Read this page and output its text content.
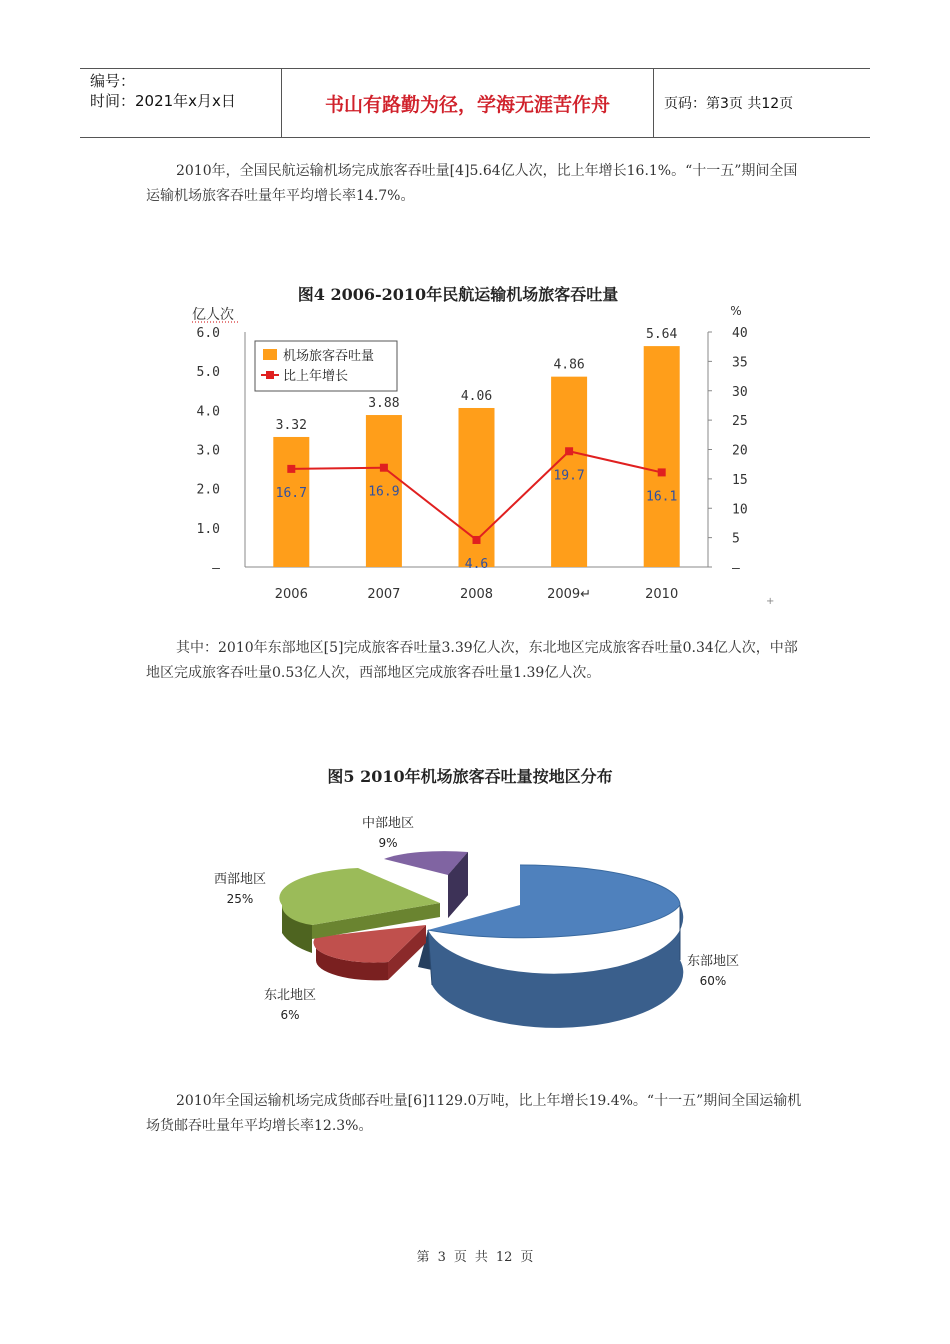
编号：
时间：2021年x月x日	书山有路勤为径，学海无涯苦作舟	页码：第3页 共12页

2010年，全国民航运输机场完成旅客吞吐量[4]5.64亿人次，比上年增长16.1%。“十一五”期间全国运输机场旅客吞吐量年平均增长率14.7%。

图4 2006-2010年民航运输机场旅客吞吐量
亿人次	%
6.0
5.0
4.0
3.0
2.0
1.0
–
40
35
30
25
20
15
10
5
–
3.32
3.88	4.06
4.86
5.64
16.7	16.9
4.6
19.7
16.1
2006	2007	2008	2009↵	2010
机场旅客吞吐量
比上年增长
+

其中：2010年东部地区[5]完成旅客吞吐量3.39亿人次，东北地区完成旅客吞吐量0.34亿人次，中部地区完成旅客吞吐量0.53亿人次，西部地区完成旅客吞吐量1.39亿人次。

图5 2010年机场旅客吞吐量按地区分布
中部地区
9%
西部地区
25%
东部地区
60%
东北地区
6%

2010年全国运输机场完成货邮吞吐量[6]1129.0万吨，比上年增长19.4%。“十一五”期间全国运输机场货邮吞吐量年平均增长率12.3%。

第 3 页 共 12 页
